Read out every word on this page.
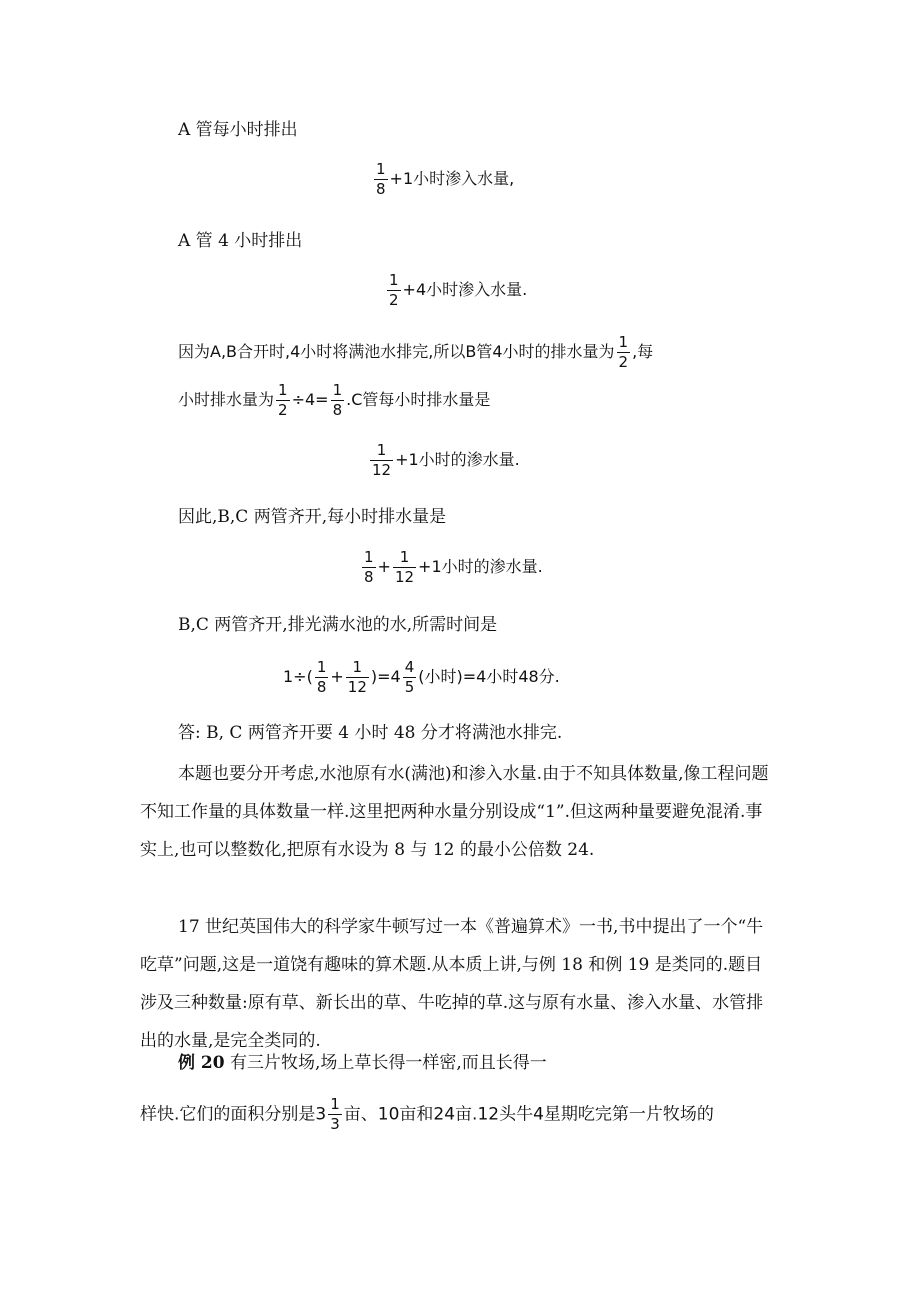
A 管每小时排出
$\frac{1}{8} +1$小时渗入水量,
A 管 4 小时排出
$\frac{1}{2} +4$小时渗入水量.
因为A,B合开时,4小时将满池水排完,所以B管4小时的排水量为 $\frac{1}{2}$ ,每
小时排水量为 $\frac{1}{2} \div 4= \frac{1}{8} .C$管每小时排水量是
$\frac{1}{12} +1$小时的渗水量.
因此,B,C 两管齐开,每小时排水量是
$\frac{1}{8} + \frac{1}{12} +1$小时的渗水量.
B,C 两管齐开,排光满水池的水,所需时间是
$1\div( \frac{1}{8} + \frac{1}{12} )=4 \frac{4}{5}$ (小时)=4小时48分.
答: B, C 两管齐开要 4 小时 48 分才将满池水排完.
本题也要分开考虑,水池原有水(满池)和渗入水量.由于不知具体数量,像工程问题不知工作量的具体数量一样.这里把两种水量分别设成“1”.但这两种量要避免混淆.事实上,也可以整数化,把原有水设为 8 与 12 的最小公倍数 24.
17 世纪英国伟大的科学家牛顿写过一本《普遍算术》一书,书中提出了一个“牛吃草”问题,这是一道饶有趣味的算术题.从本质上讲,与例 18 和例 19 是类同的.题目涉及三种数量:原有草、新长出的草、牛吃掉的草.这与原有水量、渗入水量、水管排出的水量,是完全类同的.
例 20 有三片牧场,场上草长得一样密,而且长得一
样快.它们的面积分别是$3 \frac{1}{3}$ 亩、10亩和24亩.12头牛4星期吃完第一片牧场的
